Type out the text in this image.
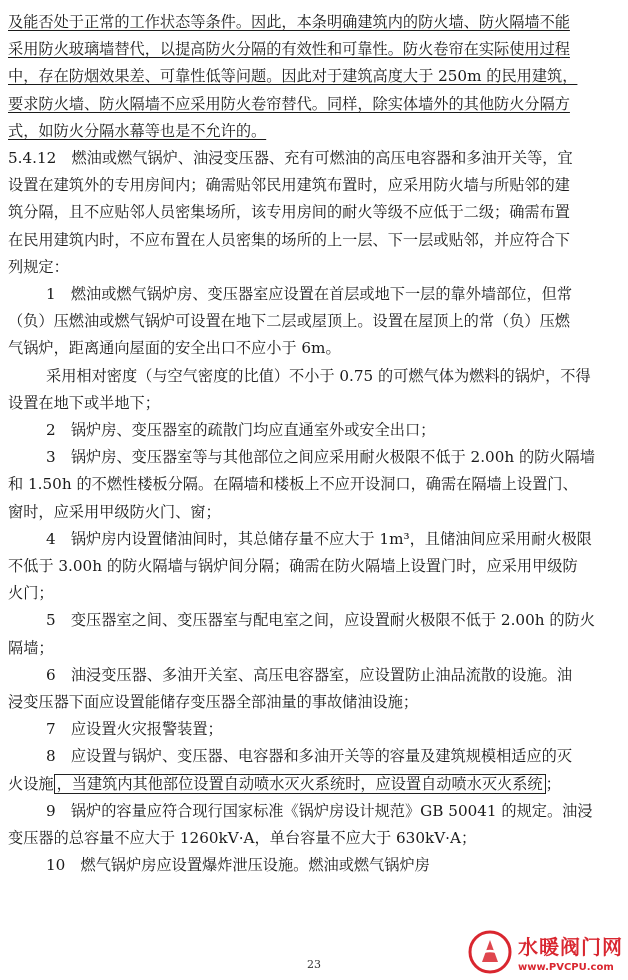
及能否处于正常的工作状态等条件。因此，本条明确建筑内的防火墙、防火隔墙不能
采用防火玻璃墙替代，以提高防火分隔的有效性和可靠性。防火卷帘在实际使用过程
中，存在防烟效果差、可靠性低等问题。因此对于建筑高度大于 250m 的民用建筑，
要求防火墙、防火隔墙不应采用防火卷帘替代。同样，除实体墙外的其他防火分隔方
式，如防火分隔水幕等也是不允许的。
5.4.12　燃油或燃气锅炉、油浸变压器、充有可燃油的高压电容器和多油开关等，宜
设置在建筑外的专用房间内；确需贴邻民用建筑布置时，应采用防火墙与所贴邻的建
筑分隔，且不应贴邻人员密集场所，该专用房间的耐火等级不应低于二级；确需布置
在民用建筑内时，不应布置在人员密集的场所的上一层、下一层或贴邻，并应符合下
列规定：
1　燃油或燃气锅炉房、变压器室应设置在首层或地下一层的靠外墙部位，但常
（负）压燃油或燃气锅炉可设置在地下二层或屋顶上。设置在屋顶上的常（负）压燃
气锅炉，距离通向屋面的安全出口不应小于 6m。
采用相对密度（与空气密度的比值）不小于 0.75 的可燃气体为燃料的锅炉，不得
设置在地下或半地下；
2　锅炉房、变压器室的疏散门均应直通室外或安全出口；
3　锅炉房、变压器室等与其他部位之间应采用耐火极限不低于 2.00h 的防火隔墙
和 1.50h 的不燃性楼板分隔。在隔墙和楼板上不应开设洞口，确需在隔墙上设置门、
窗时，应采用甲级防火门、窗；
4　锅炉房内设置储油间时，其总储存量不应大于 1m³，且储油间应采用耐火极限
不低于 3.00h 的防火隔墙与锅炉间分隔；确需在防火隔墙上设置门时，应采用甲级防
火门；
5　变压器室之间、变压器室与配电室之间，应设置耐火极限不低于 2.00h 的防火
隔墙；
6　油浸变压器、多油开关室、高压电容器室，应设置防止油品流散的设施。油
浸变压器下面应设置能储存变压器全部油量的事故储油设施；
7　应设置火灾报警装置；
8　应设置与锅炉、变压器、电容器和多油开关等的容量及建筑规模相适应的灭
火设施 ，当建筑内其他部位设置自动喷水灭火系统时，应设置自动喷水灭火系统 ；
9　锅炉的容量应符合现行国家标准《锅炉房设计规范》GB 50041 的规定。油浸
变压器的总容量不应大于 1260kV·A，单台容量不应大于 630kV·A；
10　燃气锅炉房应设置爆炸泄压设施。燃油或燃气锅炉房
23
水暖阀门网
www.PVCPU.com
